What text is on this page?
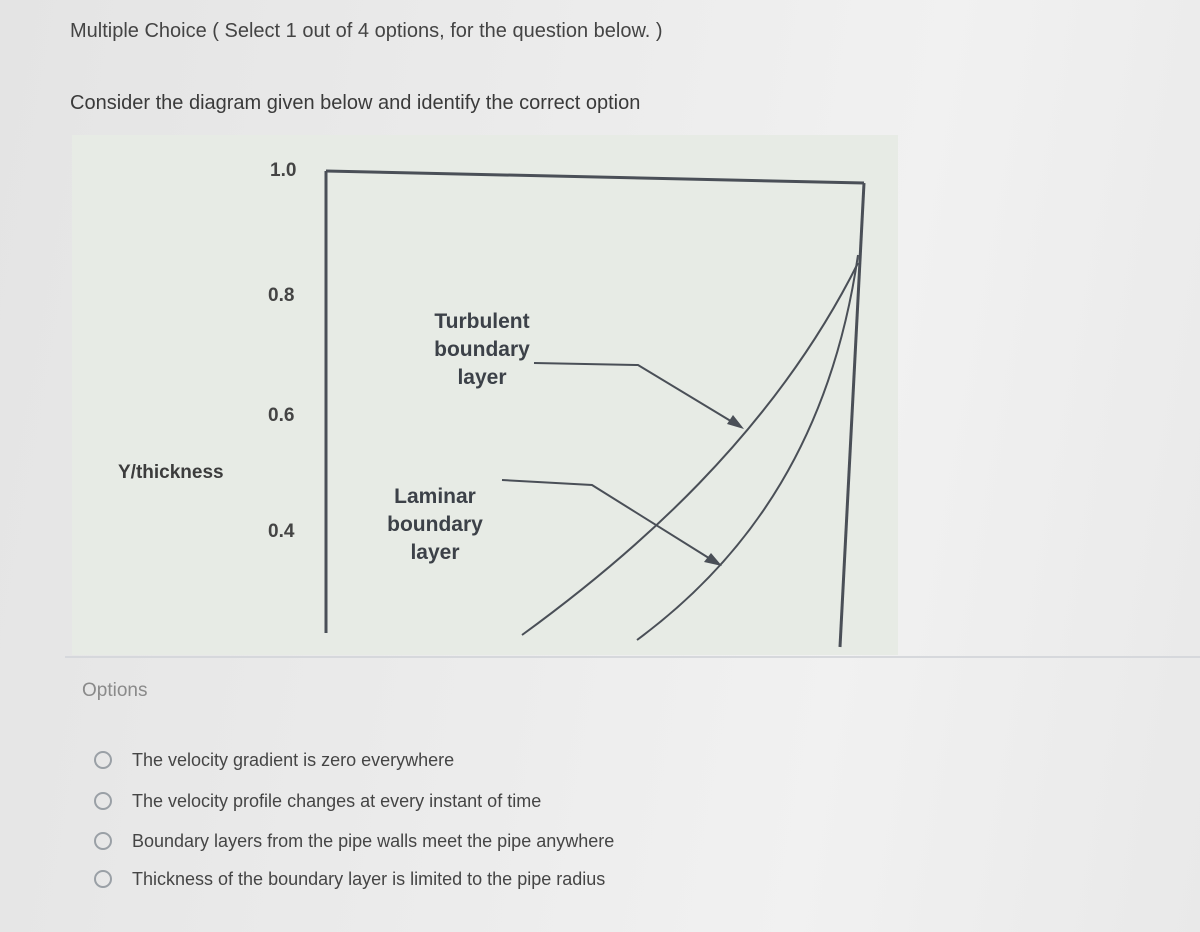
Multiple Choice ( Select 1 out of 4 options, for the question below. )
Consider the diagram given below and identify the correct option
1.0
0.8
0.6
0.4
Y/thickness
Turbulent
boundary
layer
Laminar
boundary
layer
Options
The velocity gradient is zero everywhere
The velocity profile changes at every instant of time
Boundary layers from the pipe walls meet the pipe anywhere
Thickness of the boundary layer is limited to the pipe radius
